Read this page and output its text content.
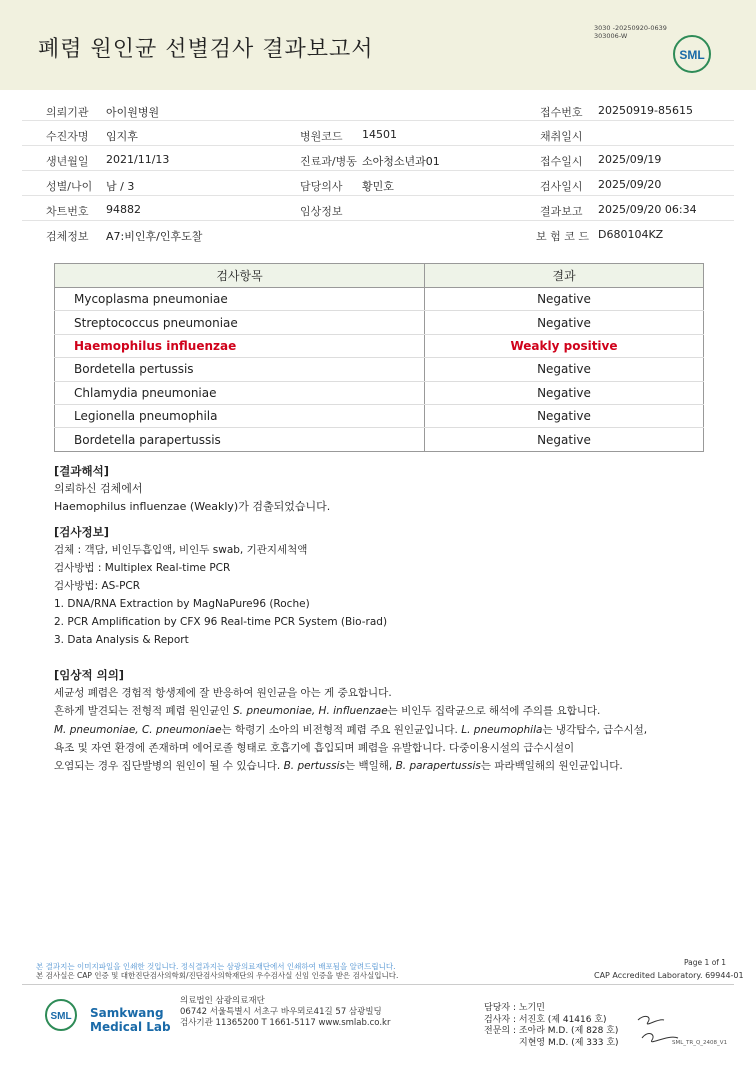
폐렴 원인균 선별검사 결과보고서
3030 -20250920-0639
303006-W
SML
의뢰기관 아이원병원	접수번호 20250919-85615
수진자명 임지후	병원코드 14501	채취일시
생년월일 2021/11/13	진료과/병동 소아청소년과01	접수일시 2025/09/19
성별/나이 남 / 3	담당의사 황민호	검사일시 2025/09/20
차트번호 94882	임상정보	결과보고 2025/09/20 06:34
검체정보 A7:비인후/인후도찰	보 험 코 드 D680104KZ
검사항목	결과
Mycoplasma pneumoniae	Negative
Streptococcus pneumoniae	Negative
Haemophilus influenzae	Weakly positive
Bordetella pertussis	Negative
Chlamydia pneumoniae	Negative
Legionella pneumophila	Negative
Bordetella parapertussis	Negative
[결과해석]
의뢰하신 검체에서
Haemophilus influenzae (Weakly)가 검출되었습니다.
[검사정보]
검체 : 객담, 비인두흡입액, 비인두 swab, 기관지세척액
검사방법 : Multiplex Real-time PCR
검사방법: AS-PCR
1. DNA/RNA Extraction by MagNaPure96 (Roche)
2. PCR Amplification by CFX 96 Real-time PCR System (Bio-rad)
3. Data Analysis & Report
[임상적 의의]
세균성 폐렴은 경험적 항생제에 잘 반응하여 원인균을 아는 게 중요합니다.
흔하게 발견되는 전형적 폐렴 원인균인 S. pneumoniae, H. influenzae는 비인두 집락균으로 해석에 주의를 요합니다.
M. pneumoniae, C. pneumoniae는 학령기 소아의 비전형적 폐렴 주요 원인균입니다. L. pneumophila는 냉각탑수, 급수시설,
욕조 및 자연 환경에 존재하며 에어로졸 형태로 호흡기에 흡입되며 폐렴을 유발합니다. 다중이용시설의 급수시설이
오염되는 경우 집단발병의 원인이 될 수 있습니다. B. pertussis는 백일해, B. parapertussis는 파라백일해의 원인균입니다.
본 결과지는 이미지파일을 인쇄한 것입니다. 정식결과지는 삼광의료재단에서 인쇄하여 배포됨을 알려드립니다.
본 검사실은 CAP 인증 및 대한진단검사의학회/진단검사의학재단의 우수검사실 신임 인증을 받은 검사실입니다.
Page 1 of 1
CAP Accredited Laboratory. 69944-01
SML Samkwang
Medical Lab
의료법인 삼광의료재단
06742 서울특별시 서초구 바우뫼로41길 57 삼광빌딩
검사기관 11365200 T 1661-5117 www.smlab.co.kr
담당자 : 노기민
검사자 : 서진호 (제 41416 호)
전문의 : 조아라 M.D. (제 828 호)
지현영 M.D. (제 333 호)	SML_TR_Q_2408_V1
